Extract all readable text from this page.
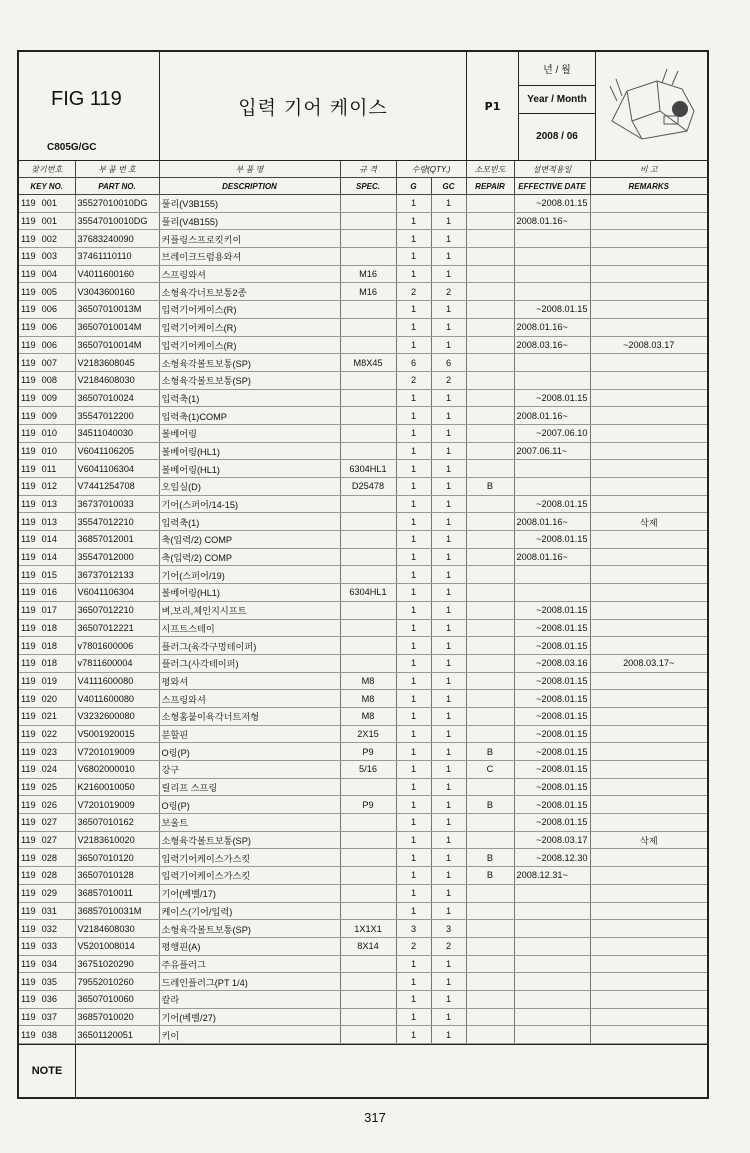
FIG 119
C805G/GC
입력 기어 케이스	P1
년 / 월
Year / Month
2008 / 06
찾기번호	부 품 번 호	부 품 명	규 격	수량(QTY.)		소모빈도	설변적용일	비 고
KEY NO.	PART NO.	DESCRIPTION	SPEC.	G	GC	REPAIR	EFFECTIVE DATE	REMARKS
119 001	35527010010DG	풀리(V3B155)		1	1		~2008.01.15	
119 001	35547010010DG	풀리(V4B155)		1	1		2008.01.16~	
119 002	37683240090	커플링스프로킷키이		1	1			
119 003	37461110110	브레이크드럼용와셔		1	1			
119 004	V4011600160	스프링와셔	M16	1	1			
119 005	V3043600160	소형육각너트보통2종	M16	2	2			
119 006	36507010013M	입력기어케이스(R)		1	1		~2008.01.15	
119 006	36507010014M	입력기어케이스(R)		1	1		2008.01.16~	
119 006	36507010014M	입력기어케이스(R)		1	1		2008.03.16~	~2008.03.17
119 007	V2183608045	소형육각볼트보통(SP)	M8X45	6	6			
119 008	V2184608030	소형육각볼트보통(SP)		2	2			
119 009	36507010024	입력축(1)		1	1		~2008.01.15	
119 009	35547012200	입력축(1)COMP		1	1		2008.01.16~	
119 010	34511040030	볼베어링		1	1		~2007.06.10	
119 010	V6041106205	볼베어링(HL1)		1	1		2007.06.11~	
119 011	V6041106304	볼베어링(HL1)	6304HL1	1	1			
119 012	V7441254708	오일실(D)	D25478	1	1	B		
119 013	36737010033	기어(스퍼어/14-15)		1	1		~2008.01.15	
119 013	35547012210	입력축(1)		1	1		2008.01.16~	삭제
119 014	36857012001	축(입력/2) COMP		1	1		~2008.01.15	
119 014	35547012000	축(입력/2) COMP		1	1		2008.01.16~	
119 015	36737012133	기어(스퍼어/19)		1	1			
119 016	V6041106304	볼베어링(HL1)	6304HL1	1	1			
119 017	36507012210	벼,보리,체인지시프트		1	1		~2008.01.15	
119 018	36507012221	시프트스테이		1	1		~2008.01.15	
119 018	v7801600006	플러그(육각구멍테이퍼)		1	1		~2008.01.15	
119 018	v7811600004	플러그(사각테이퍼)		1	1		~2008.03.16	2008.03.17~
119 019	V4111600080	평와셔	M8	1	1		~2008.01.15	
119 020	V4011600080	스프링와셔	M8	1	1		~2008.01.15	
119 021	V3232600080	소형홈붙이육각너트저형	M8	1	1		~2008.01.15	
119 022	V5001920015	분할핀	2X15	1	1		~2008.01.15	
119 023	V7201019009	O링(P)	P9	1	1	B	~2008.01.15	
119 024	V6802000010	강구	5/16	1	1	C	~2008.01.15	
119 025	K2160010050	릴리프 스프링		1	1		~2008.01.15	
119 026	V7201019009	O링(P)	P9	1	1	B	~2008.01.15	
119 027	36507010162	보울트		1	1		~2008.01.15	
119 027	V2183610020	소형육각볼트보통(SP)		1	1		~2008.03.17	삭제
119 028	36507010120	입력기어케이스가스킷		1	1	B	~2008.12.30	
119 028	36507010128	입력기어케이스가스킷		1	1	B	2008.12.31~	
119 029	36857010011	기어(베벨/17)		1	1			
119 031	36857010031M	케이스(기어/입력)		1	1			
119 032	V2184608030	소형육각볼트보통(SP)	1X1X1	3	3			
119 033	V5201008014	평행핀(A)	8X14	2	2			
119 034	36751020290	주유플러그		1	1			
119 035	79552010260	드레인플러그(PT 1/4)		1	1			
119 036	36507010060	칼라		1	1			
119 037	36857010020	기어(베벨/27)		1	1			
119 038	36501120051	키이		1	1			
NOTE
317
